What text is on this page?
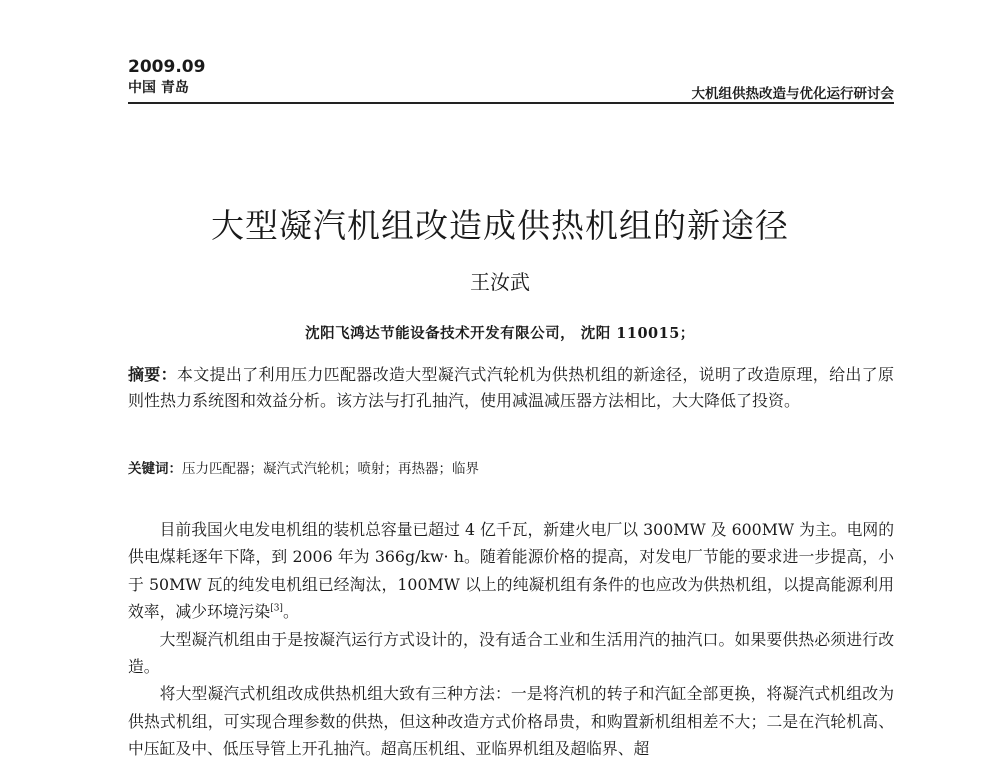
2009.09
中国 青岛	大机组供热改造与优化运行研讨会
大型凝汽机组改造成供热机组的新途径
王汝武
沈阳飞鸿达节能设备技术开发有限公司， 沈阳 110015；
摘要：本文提出了利用压力匹配器改造大型凝汽式汽轮机为供热机组的新途径，说明了改造原理，给出了原则性热力系统图和效益分析。该方法与打孔抽汽，使用减温减压器方法相比，大大降低了投资。
关键词：压力匹配器；凝汽式汽轮机；喷射；再热器；临界

目前我国火电发电机组的装机总容量已超过 4 亿千瓦，新建火电厂以 300MW 及 600MW 为主。电网的供电煤耗逐年下降，到 2006 年为 366g/kw· h。随着能源价格的提高，对发电厂节能的要求进一步提高，小于 50MW 瓦的纯发电机组已经淘汰，100MW 以上的纯凝机组有条件的也应改为供热机组，以提高能源利用效率，减少环境污染[3]。

大型凝汽机组由于是按凝汽运行方式设计的，没有适合工业和生活用汽的抽汽口。如果要供热必须进行改造。

将大型凝汽式机组改成供热机组大致有三种方法：一是将汽机的转子和汽缸全部更换，将凝汽式机组改为供热式机组，可实现合理参数的供热，但这种改造方式价格昂贵，和购置新机组相差不大；二是在汽轮机高、中压缸及中、低压导管上开孔抽汽。超高压机组、亚临界机组及超临界、超
